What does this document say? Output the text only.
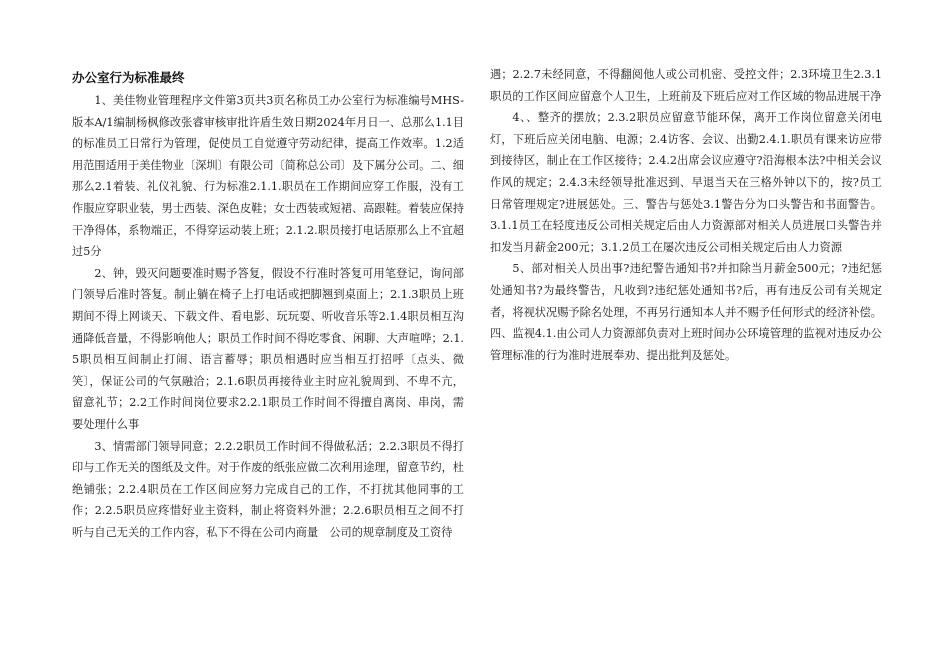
办公室行为标准最终

1、美佳物业管理程序文件第3页共3页名称员工办公室行为标准编号MHS-版本A/1编制杨枫修改张睿审核审批许盾生效日期2024年月日一、总那么1.1目的标准员工日常行为管理，促使员工自觉遵守劳动纪律，提高工作效率。1.2适用范围适用于美佳物业〔深圳〕有限公司〔简称总公司〕及下属分公司。二、细那么2.1着装、礼仪礼貌、行为标准2.1.1.职员在工作期间应穿工作服，没有工作服应穿职业装，男士西装、深色皮鞋；女士西装或短裙、高跟鞋。着装应保持干净得体，系物端正，不得穿运动装上班；2.1.2.职员接打电话原那么上不宜超过5分

2、钟，毁灭问题要准时赐予答复，假设不行准时答复可用笔登记，询问部门领导后准时答复。制止躺在椅子上打电话或把脚翘到桌面上；2.1.3职员上班期间不得上网谈天、下载文件、看电影、玩玩耍、听收音乐等2.1.4职员相互沟通降低音量，不得影响他人；职员工作时间不得吃零食、闲聊、大声喧哗；2.1.5职员相互间制止打闹、语言蓄辱；职员相遇时应当相互打招呼〔点头、微笑〕，保证公司的气氛融洽；2.1.6职员再接待业主时应礼貌周到、不卑不亢，留意礼节；2.2工作时间岗位要求2.2.1职员工作时间不得擅自离岗、串岗，需要处理什么事

3、情需部门领导同意；2.2.2职员工作时间不得做私活；2.2.3职员不得打印与工作无关的图纸及文件。对于作废的纸张应做二次利用途理，留意节约，杜绝铺张；2.2.4职员在工作区间应努力完成自己的工作，不打扰其他同事的工作；2.2.5职员应疼惜好业主资料，制止将资料外泄；2.2.6职员相互之间不打听与自己无关的工作内容，私下不得在公司内商量　公司的规章制度及工资待

遇；2.2.7未经同意，不得翻阅他人或公司机密、受控文件；2.3环境卫生2.3.1职员的工作区间应留意个人卫生，上班前及下班后应对工作区域的物品进展干净

4、、整齐的摆放；2.3.2职员应留意节能环保，离开工作岗位留意关闭电灯，下班后应关闭电脑、电源；2.4访客、会议、出勤2.4.1.职员有课来访应带到接待区，制止在工作区接待；2.4.2出席会议应遵守?沿海根本法?中相关会议作风的规定；2.4.3未经领导批准迟到、早退当天在三格外钟以下的，按?员工日常管理规定?进展惩处。三、警告与惩处3.1警告分为口头警告和书面警告。3.1.1员工在轻度违反公司相关规定后由人力资源部对相关人员进展口头警告并扣发当月薪金200元；3.1.2员工在屡次违反公司相关规定后由人力资源

5、部对相关人员出事?违纪警告通知书?并扣除当月薪金500元；?违纪惩处通知书?为最终警告，凡收到?违纪惩处通知书?后，再有违反公司有关规定者，将视状况赐予除名处理，不再另行通知本人并不赐予任何形式的经济补偿。四、监视4.1.由公司人力资源部负责对上班时间办公环境管理的监视对违反办公管理标准的行为准时进展奉劝、提出批判及惩处。
